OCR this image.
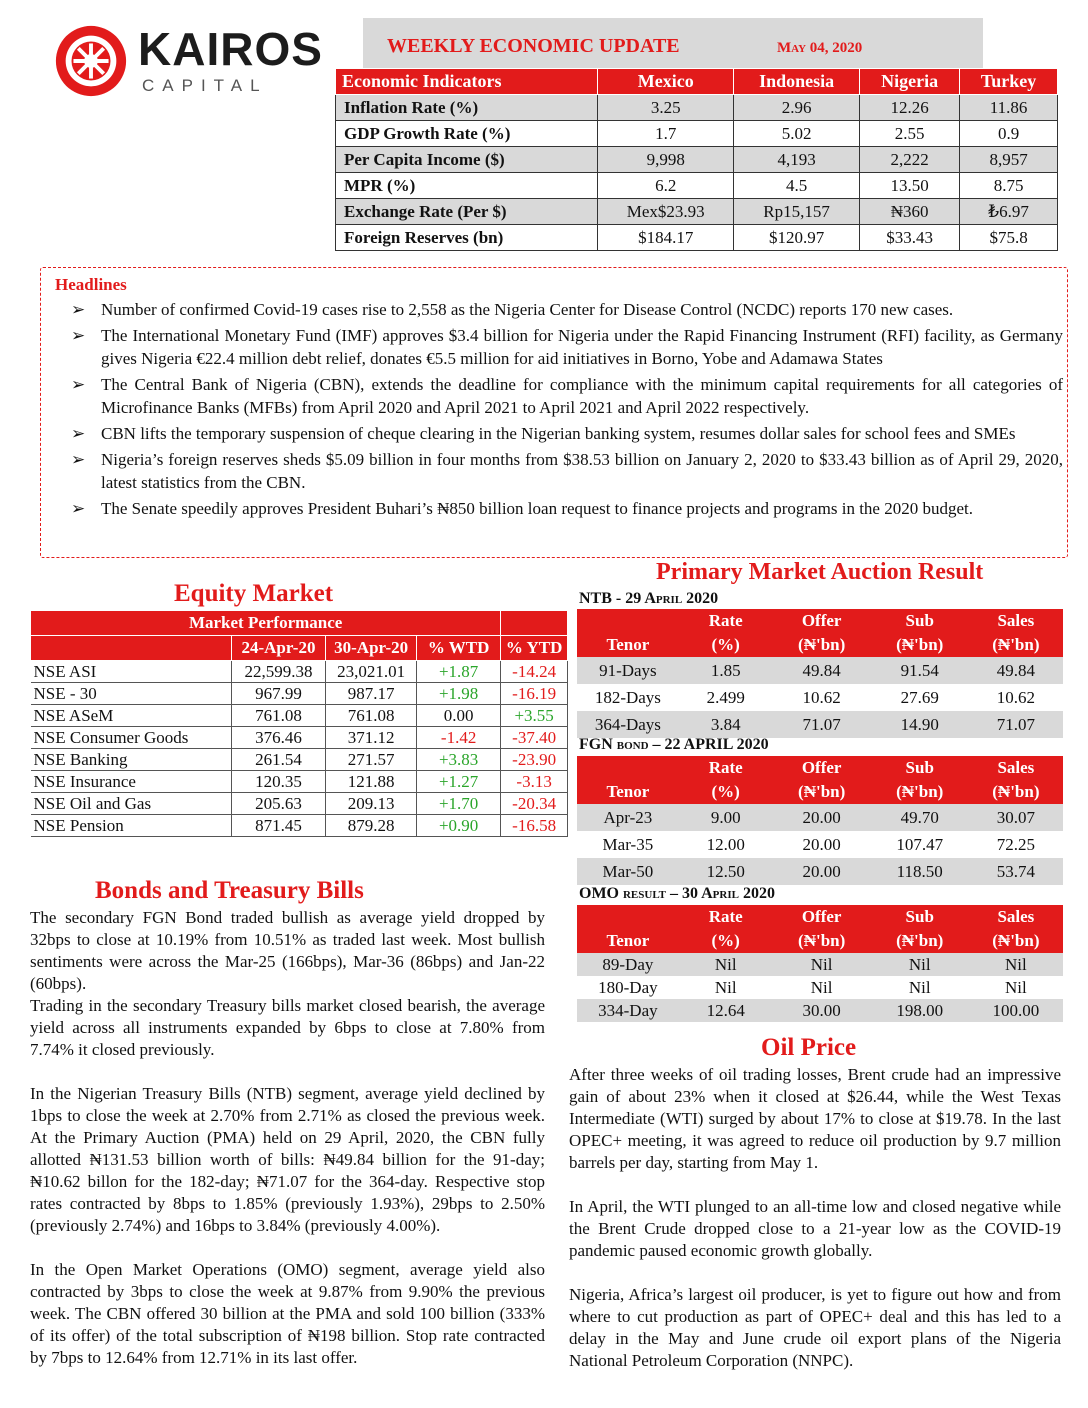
KAIROS
CAPITAL
WEEKLY ECONOMIC UPDATE	May 04, 2020
Economic Indicators	Mexico	Indonesia	Nigeria	Turkey
Inflation Rate (%)	3.25	2.96	12.26	11.86
GDP Growth Rate (%)	1.7	5.02	2.55	0.9
Per Capita Income ($)	9,998	4,193	2,222	8,957
MPR (%)	6.2	4.5	13.50	8.75
Exchange Rate (Per $)	Mex$23.93	Rp15,157	₦360	₺6.97
Foreign Reserves (bn)	$184.17	$120.97	$33.43	$75.8
Headlines
➢ Number of confirmed Covid-19 cases rise to 2,558 as the Nigeria Center for Disease Control (NCDC) reports 170 new cases.
➢ The International Monetary Fund (IMF) approves $3.4 billion for Nigeria under the Rapid Financing Instrument (RFI) facility, as Germany gives Nigeria €22.4 million debt relief, donates €5.5 million for aid initiatives in Borno, Yobe and Adamawa States
➢ The Central Bank of Nigeria (CBN), extends the deadline for compliance with the minimum capital requirements for all categories of Microfinance Banks (MFBs) from April 2020 and April 2021 to April 2021 and April 2022 respectively.
➢ CBN lifts the temporary suspension of cheque clearing in the Nigerian banking system, resumes dollar sales for school fees and SMEs
➢ Nigeria’s foreign reserves sheds $5.09 billion in four months from $38.53 billion on January 2, 2020 to $33.43 billion as of April 29, 2020, latest statistics from the CBN.
➢ The Senate speedily approves President Buhari’s ₦850 billion loan request to finance projects and programs in the 2020 budget.
Equity Market
Market Performance				
	24-Apr-20	30-Apr-20	% WTD	% YTD
NSE ASI	22,599.38	23,021.01	+1.87	-14.24
NSE - 30	967.99	987.17	+1.98	-16.19
NSE ASeM	761.08	761.08	0.00	+3.55
NSE Consumer Goods	376.46	371.12	-1.42	-37.40
NSE Banking	261.54	271.57	+3.83	-23.90
NSE Insurance	120.35	121.88	+1.27	-3.13
NSE Oil and Gas	205.63	209.13	+1.70	-20.34
NSE Pension	871.45	879.28	+0.90	-16.58
Bonds and Treasury Bills

The secondary FGN Bond traded bullish as average yield dropped by 32bps to close at 10.19% from 10.51% as traded last week. Most bullish sentiments were across the Mar-25 (166bps), Mar-36 (86bps) and Jan-22 (60bps).

Trading in the secondary Treasury bills market closed bearish, the average yield across all instruments expanded by 6bps to close at 7.80% from 7.74% it closed previously.

In the Nigerian Treasury Bills (NTB) segment, average yield declined by 1bps to close the week at 2.70% from 2.71% as closed the previous week. At the Primary Auction (PMA) held on 29 April, 2020, the CBN fully allotted ₦131.53 billion worth of bills: ₦49.84 billion for the 91-day; ₦10.62 billon for the 182-day; ₦71.07 for the 364-day. Respective stop rates contracted by 8bps to 1.85% (previously 1.93%), 29bps to 2.50% (previously 2.74%) and 16bps to 3.84% (previously 4.00%).

In the Open Market Operations (OMO) segment, average yield also contracted by 3bps to close the week at 9.87% from 9.90% the previous week. The CBN offered 30 billion at the PMA and sold 100 billion (333% of its offer) of the total subscription of ₦198 billion. Stop rate contracted by 7bps to 12.64% from 12.71% in its last offer.

Primary Market Auction Result
NTB - 29 April 2020
	Rate	Offer	Sub	Sales
Tenor	(%)	(₦'bn)	(₦'bn)	(₦'bn)
91-Days	1.85	49.84	91.54	49.84
182-Days	2.499	10.62	27.69	10.62
364-Days	3.84	71.07	14.90	71.07
FGN bond – 22 APRIL 2020
	Rate	Offer	Sub	Sales
Tenor	(%)	(₦'bn)	(₦'bn)	(₦'bn)
Apr-23	9.00	20.00	49.70	30.07
Mar-35	12.00	20.00	107.47	72.25
Mar-50	12.50	20.00	118.50	53.74
OMO result – 30 April 2020
	Rate	Offer	Sub	Sales
Tenor	(%)	(₦'bn)	(₦'bn)	(₦'bn)
89-Day	Nil	Nil	Nil	Nil
180-Day	Nil	Nil	Nil	Nil
334-Day	12.64	30.00	198.00	100.00
Oil Price

After three weeks of oil trading losses, Brent crude had an impressive gain of about 23% when it closed at $26.44, while the West Texas Intermediate (WTI) surged by about 17% to close at $19.78. In the last OPEC+ meeting, it was agreed to reduce oil production by 9.7 million barrels per day, starting from May 1.

In April, the WTI plunged to an all-time low and closed negative while the Brent Crude dropped close to a 21-year low as the COVID-19 pandemic paused economic growth globally.

Nigeria, Africa’s largest oil producer, is yet to figure out how and from where to cut production as part of OPEC+ deal and this has led to a delay in the May and June crude oil export plans of the Nigeria National Petroleum Corporation (NNPC).
